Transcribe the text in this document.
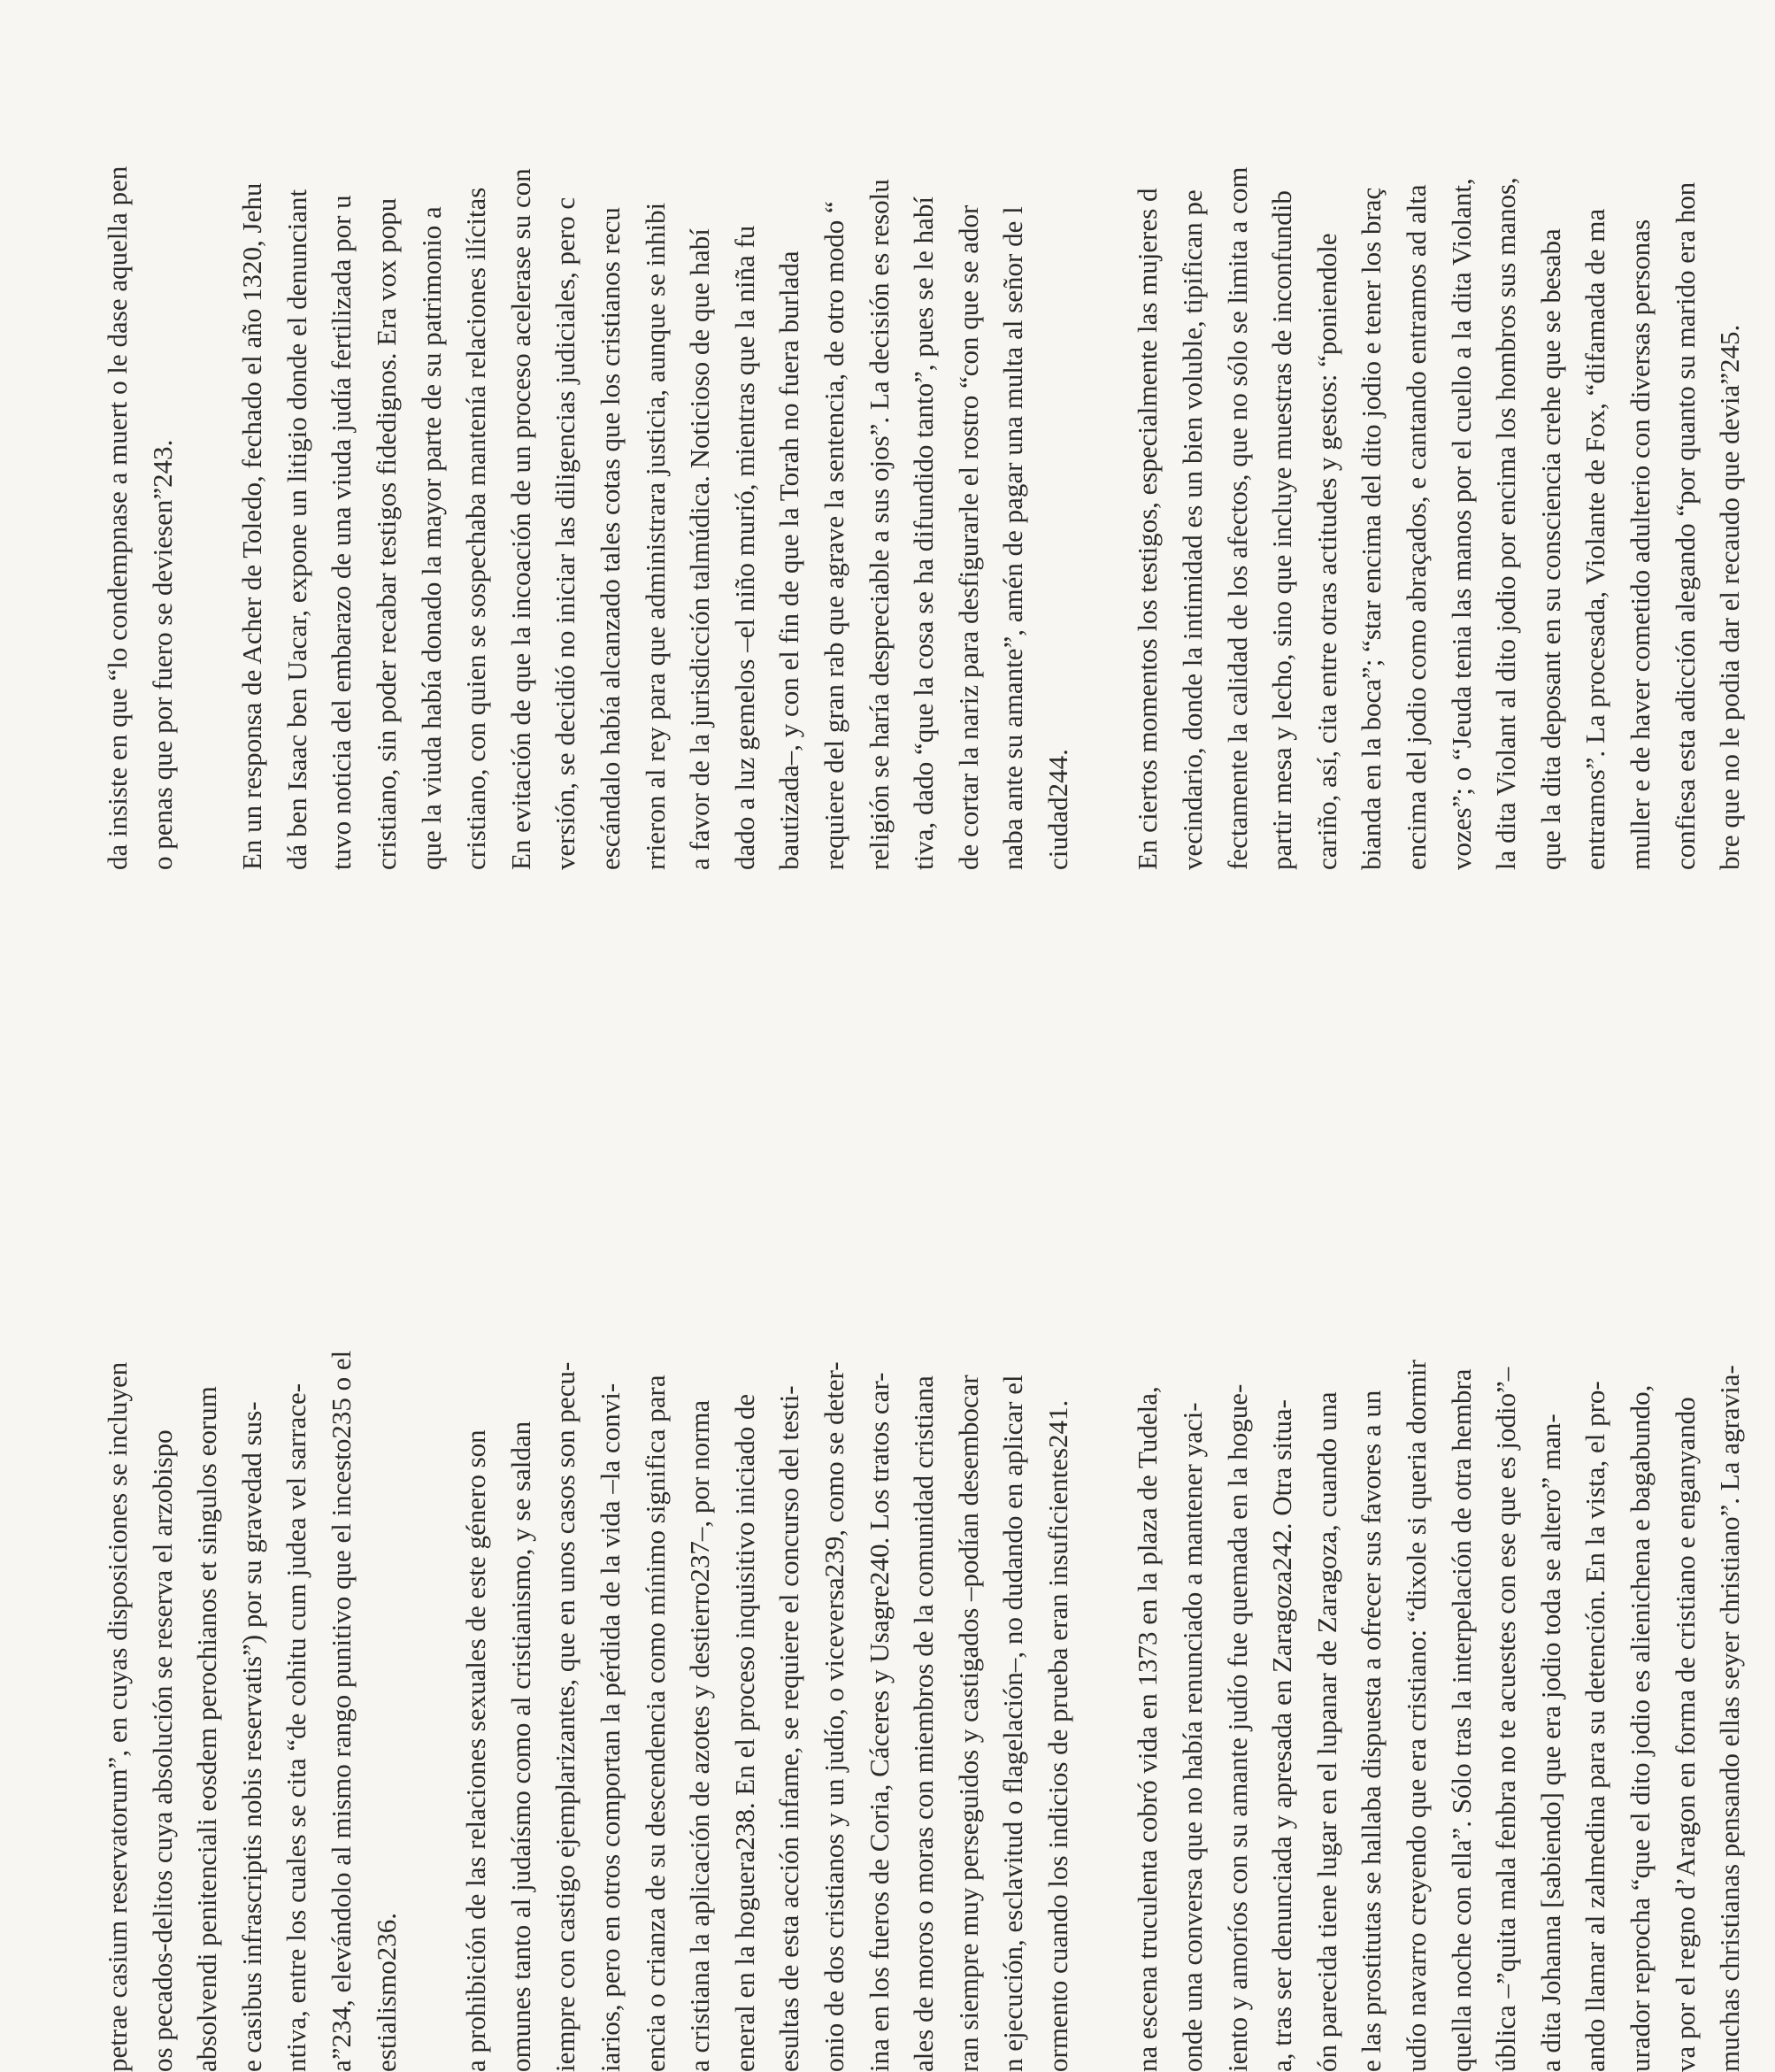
petrae casium reservatorum”, en cuyas disposiciones se incluyen os pecados-delitos cuya absolución se reserva el arzobispo absolvendi penitenciali eosdem perochianos et singulos eorum e casibus infrascriptis nobis reservatis”) por su gravedad sus- ntiva, entre los cuales se cita “de cohitu cum judea vel sarrace- a”234, elevándolo al mismo rango punitivo que el incesto235 o el estialismo236. a prohibición de las relaciones sexuales de este género son omunes tanto al judaísmo como al cristianismo, y se saldan iempre con castigo ejemplarizantes, que en unos casos son pecu- iarios, pero en otros comportan la pérdida de la vida –la convi- encia o crianza de su descendencia como mínimo significa para a cristiana la aplicación de azotes y destierro237–, por norma eneral en la hoguera238. En el proceso inquisitivo iniciado de esultas de esta acción infame, se requiere el concurso del testi- onio de dos cristianos y un judío, o viceversa239, como se deter- ina en los fueros de Coria, Cáceres y Usagre240. Los tratos car- ales de moros o moras con miembros de la comunidad cristiana ran siempre muy perseguidos y castigados –podían desembocar n ejecución, esclavitud o flagelación–, no dudando en aplicar el ormento cuando los indicios de prueba eran insuficientes241. na escena truculenta cobró vida en 1373 en la plaza de Tudela, onde una conversa que no había renunciado a mantener yaci- iento y amoríos con su amante judío fue quemada en la hogue- a, tras ser denunciada y apresada en Zaragoza242. Otra situa- ón parecida tiene lugar en el lupanar de Zaragoza, cuando una e las prostitutas se hallaba dispuesta a ofrecer sus favores a un udío navarro creyendo que era cristiano: “dixole si queria dormir quella noche con ella”. Sólo tras la interpelación de otra hembra ública –”quita mala fenbra no te acuestes con ese que es jodio”– a dita Johanna [sabiendo] que era jodio toda se altero” man- ando llamar al zalmedina para su detención. En la vista, el pro- urador reprocha “que el dito jodio es alienichena e bagabundo, va por el regno d’Aragon en forma de cristiano e enganyando muchas christianas pensando ellas seyer christiano”. La agravia-
da insiste en que “lo condempnase a muert o le dase aquella pen o penas que por fuero se deviesen”243. En un responsa de Acher de Toledo, fechado el año 1320, Jehu dá ben Isaac ben Uacar, expone un litigio donde el denunciant tuvo noticia del embarazo de una viuda judía fertilizada por u cristiano, sin poder recabar testigos fidedignos. Era vox popu que la viuda había donado la mayor parte de su patrimonio a cristiano, con quien se sospechaba mantenía relaciones ilícitas En evitación de que la incoación de un proceso acelerase su con versión, se decidió no iniciar las diligencias judiciales, pero c escándalo había alcanzado tales cotas que los cristianos recu rrieron al rey para que administrara justicia, aunque se inhibi a favor de la jurisdicción talmúdica. Noticioso de que habí dado a luz gemelos –el niño murió, mientras que la niña fu bautizada–, y con el fin de que la Torah no fuera burlada requiere del gran rab que agrave la sentencia, de otro modo “ religión se haría despreciable a sus ojos”. La decisión es resolu tiva, dado “que la cosa se ha difundido tanto”, pues se le habí de cortar la nariz para desfigurarle el rostro “con que se ador naba ante su amante”, amén de pagar una multa al señor de l ciudad244. En ciertos momentos los testigos, especialmente las mujeres d vecindario, donde la intimidad es un bien voluble, tipifican pe fectamente la calidad de los afectos, que no sólo se limita a com partir mesa y lecho, sino que incluye muestras de inconfundib cariño, así, cita entre otras actitudes y gestos: “poniendole bianda en la boca”; “star encima del dito jodio e tener los braç encima del jodio como abraçados, e cantando entramos ad alta vozes”; o “Jeuda tenia las manos por el cuello a la dita Violant, la dita Violant al dito jodio por encima los hombros sus manos, que la dita deposant en su consciencia crehe que se besaba entramos”. La procesada, Violante de Fox, “difamada de ma muller e de haver cometido adulterio con diversas personas confiesa esta adicción alegando “por quanto su marido era hon bre que no le podia dar el recaudo que devia”245.
